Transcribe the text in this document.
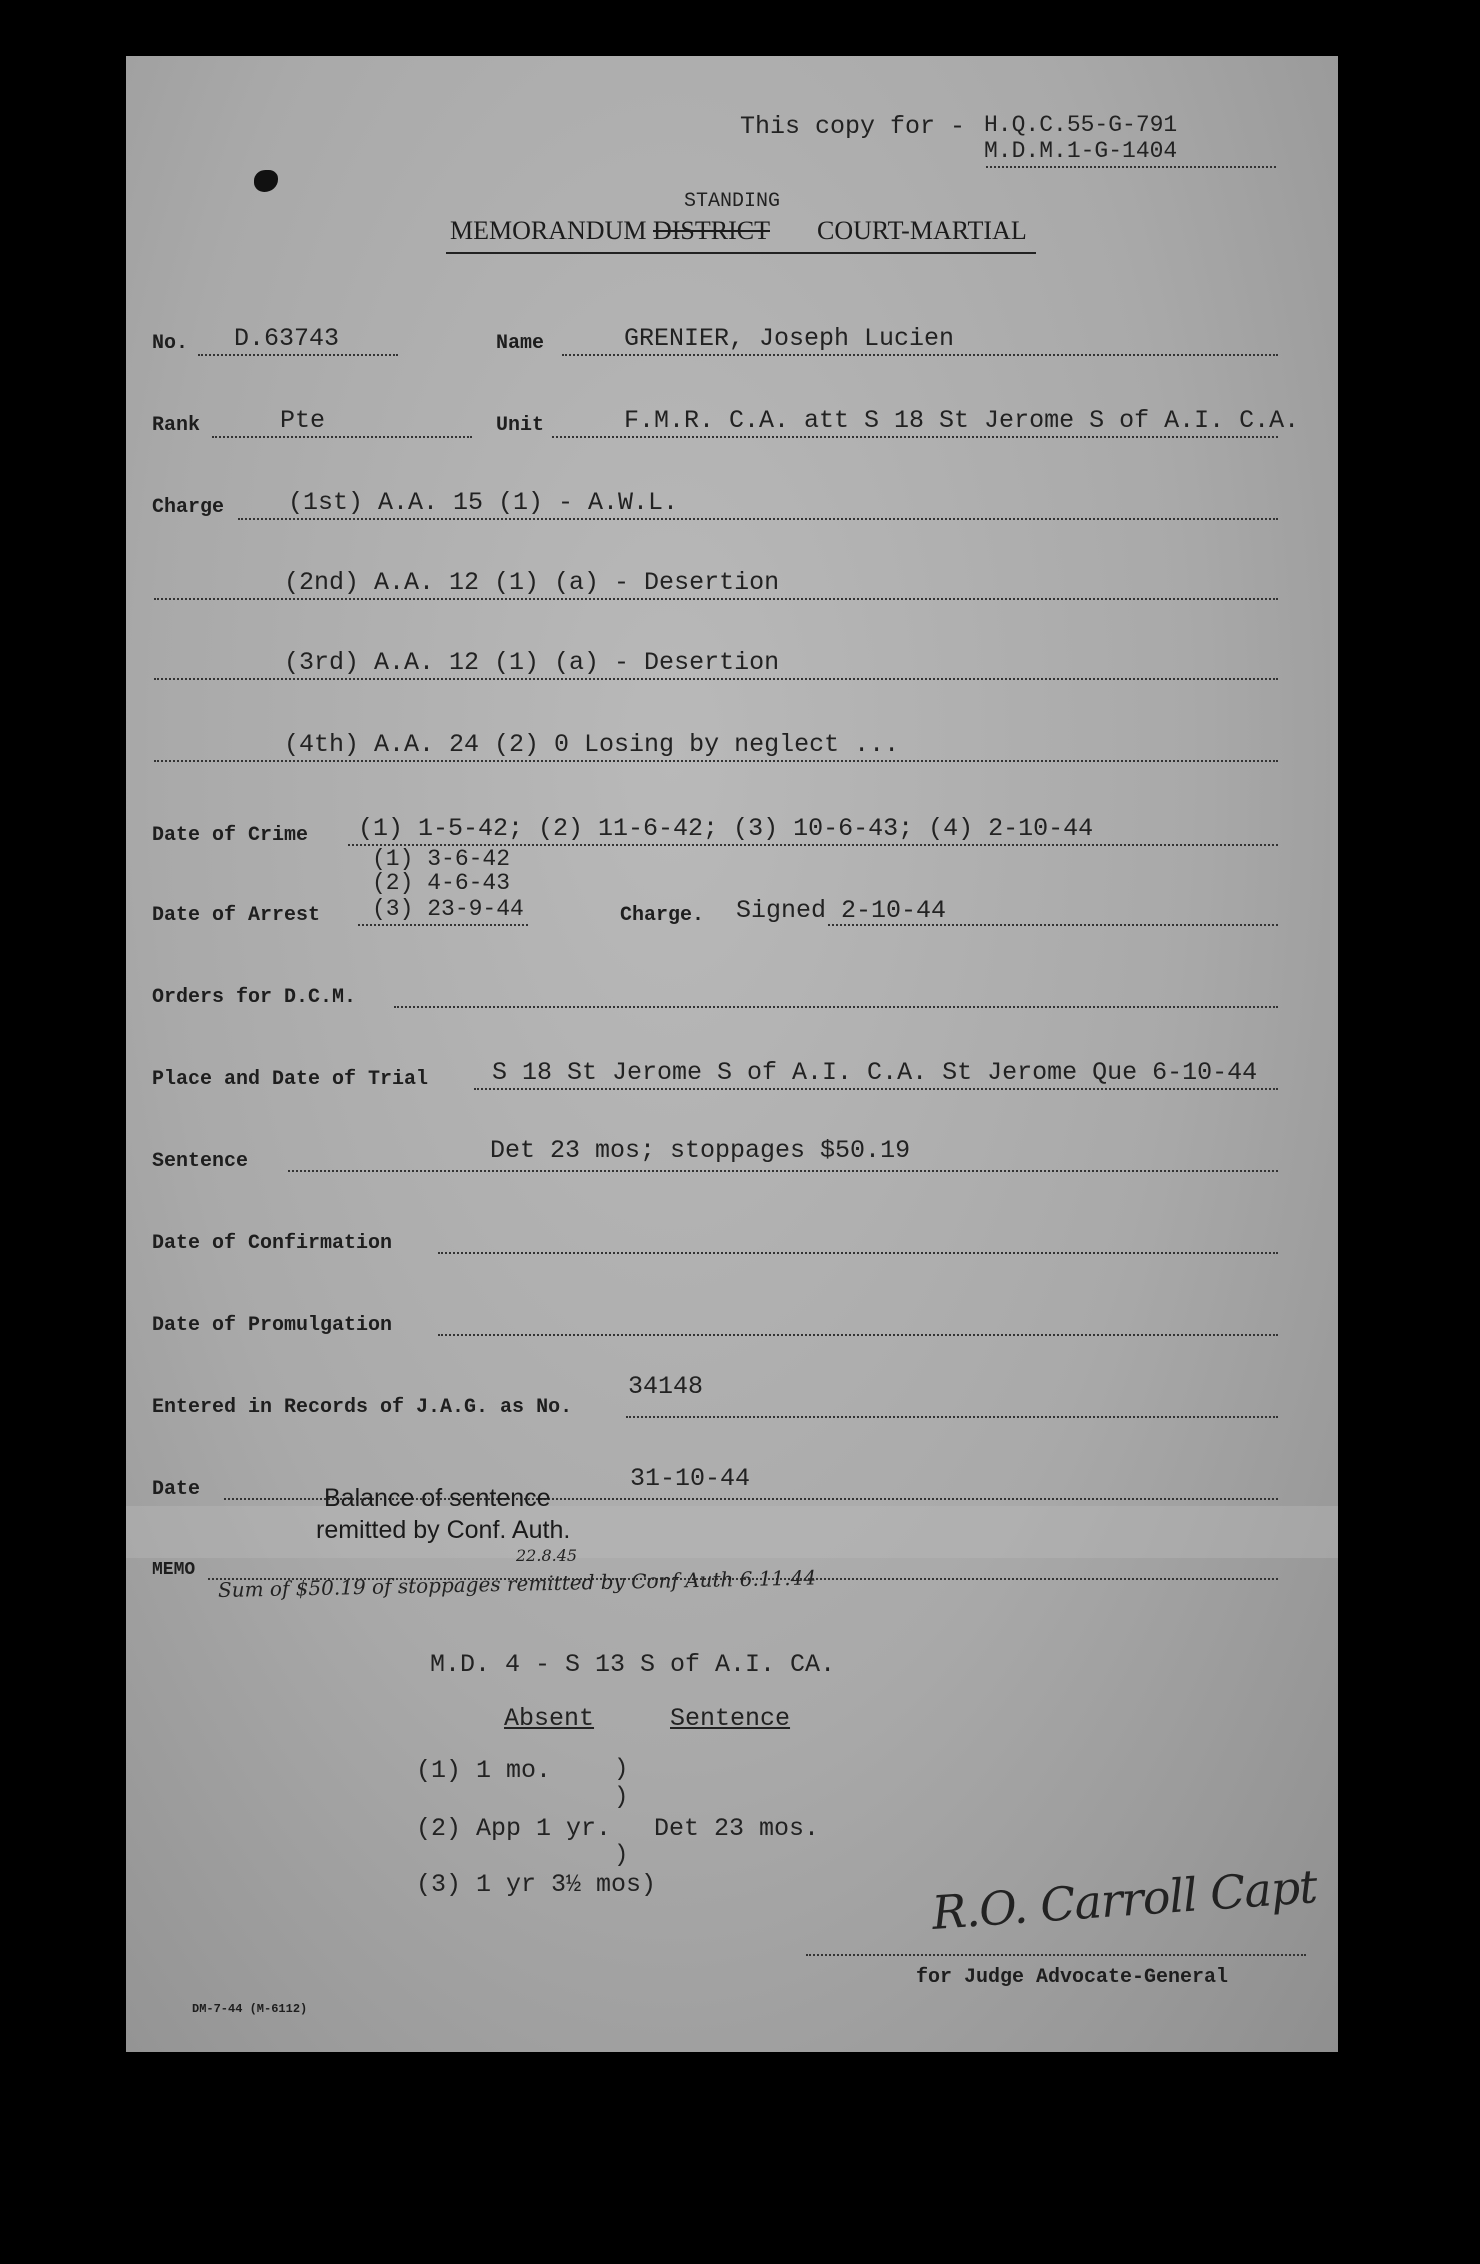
This copy for - H.Q.C.55-G-791
M.D.M.1-G-1404
STANDING
MEMORANDUM DISTRICT COURT-MARTIAL
No. D.63743	Name	GRENIER, Joseph Lucien
Rank	Pte	Unit	F.M.R. C.A. att S 18 St Jerome S of A.I. C.A.
Charge	(1st) A.A. 15 (1) - A.W.L.
(2nd) A.A. 12 (1) (a) - Desertion
(3rd) A.A. 12 (1) (a) - Desertion
(4th) A.A. 24 (2) 0 Losing by neglect ...
Date of Crime (1) 1-5-42; (2) 11-6-42; (3) 10-6-43; (4) 2-10-44
(1) 3-6-42
(2) 4-6-43
Date of Arrest (3) 23-9-44	Charge. Signed 2-10-44
Orders for D.C.M.
Place and Date of Trial	S 18 St Jerome S of A.I. C.A. St Jerome Que 6-10-44
Sentence	Det 23 mos; stoppages $50.19
Date of Confirmation
Date of Promulgation
Entered in Records of J.A.G. as No.
34148
Date	31-10-44
Balance of sentence
remitted by Conf. Auth.
22.8.45
MEMO Sum of $50.19 of stoppages remitted by Conf Auth 6.11.44
M.D. 4 - S 13 S of A.I. CA.
Absent	Sentence
(1) 1 mo.	)
)
(2) App 1 yr. Det 23 mos.
)
(3) 1 yr 3½ mos)	R.O. Carroll Capt
for Judge Advocate-General
DM-7-44 (M-6112)
